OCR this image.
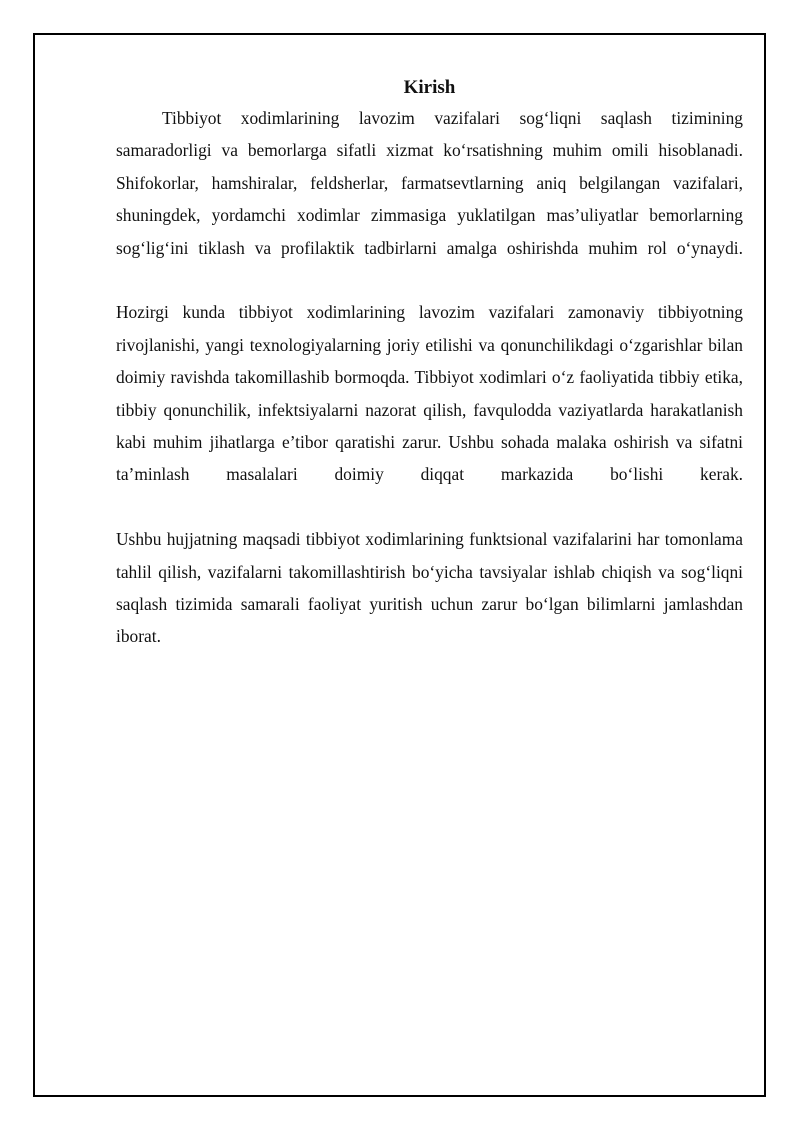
Kirish

Tibbiyot xodimlarining lavozim vazifalari sog‘liqni saqlash tizimining samaradorligi va bemorlarga sifatli xizmat ko‘rsatishning muhim omili hisoblanadi. Shifokorlar, hamshiralar, feldsherlar, farmatsevtlarning aniq belgilangan vazifalari, shuningdek, yordamchi xodimlar zimmasiga yuklatilgan mas’uliyatlar bemorlarning sog‘lig‘ini tiklash va profilaktik tadbirlarni amalga oshirishda muhim rol o‘ynaydi.

Hozirgi kunda tibbiyot xodimlarining lavozim vazifalari zamonaviy tibbiyotning rivojlanishi, yangi texnologiyalarning joriy etilishi va qonunchilikdagi o‘zgarishlar bilan doimiy ravishda takomillashib bormoqda. Tibbiyot xodimlari o‘z faoliyatida tibbiy etika, tibbiy qonunchilik, infektsiyalarni nazorat qilish, favqulodda vaziyatlarda harakatlanish kabi muhim jihatlarga e’tibor qaratishi zarur. Ushbu sohada malaka oshirish va sifatni ta’minlash masalalari doimiy diqqat markazida bo‘lishi kerak.

Ushbu hujjatning maqsadi tibbiyot xodimlarining funktsional vazifalarini har tomonlama tahlil qilish, vazifalarni takomillashtirish bo‘yicha tavsiyalar ishlab chiqish va sog‘liqni saqlash tizimida samarali faoliyat yuritish uchun zarur bo‘lgan bilimlarni jamlashdan iborat.
